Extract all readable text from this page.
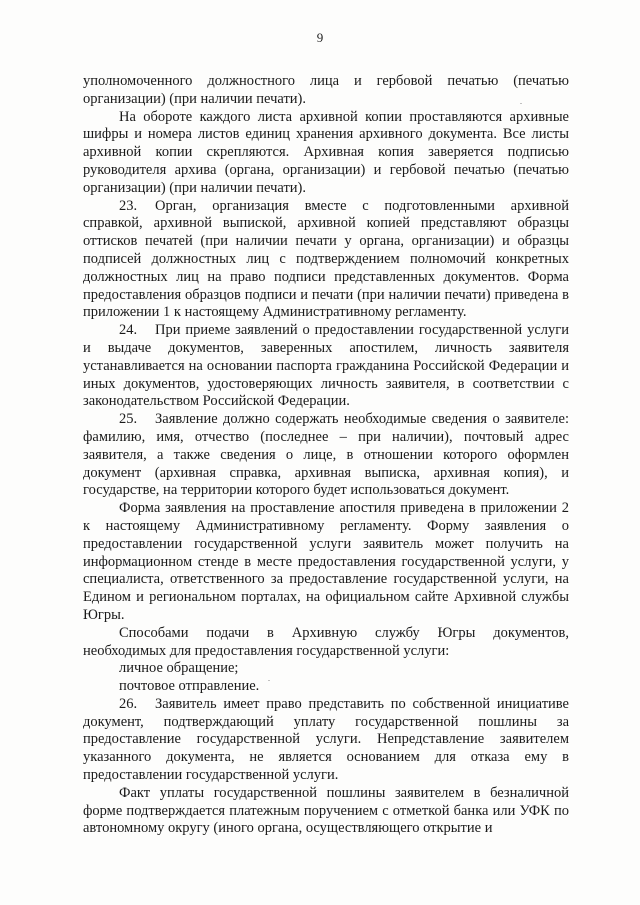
9

уполномоченного должностного лица и гербовой печатью (печатью организации) (при наличии печати).

На обороте каждого листа архивной копии проставляются архивные шифры и номера листов единиц хранения архивного документа. Все листы архивной копии скрепляются. Архивная копия заверяется подписью руководителя архива (органа, организации) и гербовой печатью (печатью организации) (при наличии печати).

23. Орган, организация вместе с подготовленными архивной справкой, архивной выпиской, архивной копией представляют образцы оттисков печатей (при наличии печати у органа, организации) и образцы подписей должностных лиц с подтверждением полномочий конкретных должностных лиц на право подписи представленных документов. Форма предоставления образцов подписи и печати (при наличии печати) приведена в приложении 1 к настоящему Административному регламенту.

24. При приеме заявлений о предоставлении государственной услуги и выдаче документов, заверенных апостилем, личность заявителя устанавливается на основании паспорта гражданина Российской Федерации и иных документов, удостоверяющих личность заявителя, в соответствии с законодательством Российской Федерации.

25. Заявление должно содержать необходимые сведения о заявителе: фамилию, имя, отчество (последнее – при наличии), почтовый адрес заявителя, а также сведения о лице, в отношении которого оформлен документ (архивная справка, архивная выписка, архивная копия), и государстве, на территории которого будет использоваться документ.

Форма заявления на проставление апостиля приведена в приложении 2 к настоящему Административному регламенту. Форму заявления о предоставлении государственной услуги заявитель может получить на информационном стенде в месте предоставления государственной услуги, у специалиста, ответственного за предоставление государственной услуги, на Едином и региональном порталах, на официальном сайте Архивной службы Югры.

Способами подачи в Архивную службу Югры документов, необходимых для предоставления государственной услуги:

личное обращение;

почтовое отправление.

26. Заявитель имеет право представить по собственной инициативе документ, подтверждающий уплату государственной пошлины за предоставление государственной услуги. Непредставление заявителем указанного документа, не является основанием для отказа ему в предоставлении государственной услуги.

Факт уплаты государственной пошлины заявителем в безналичной форме подтверждается платежным поручением с отметкой банка или УФК по автономному округу (иного органа, осуществляющего открытие и
